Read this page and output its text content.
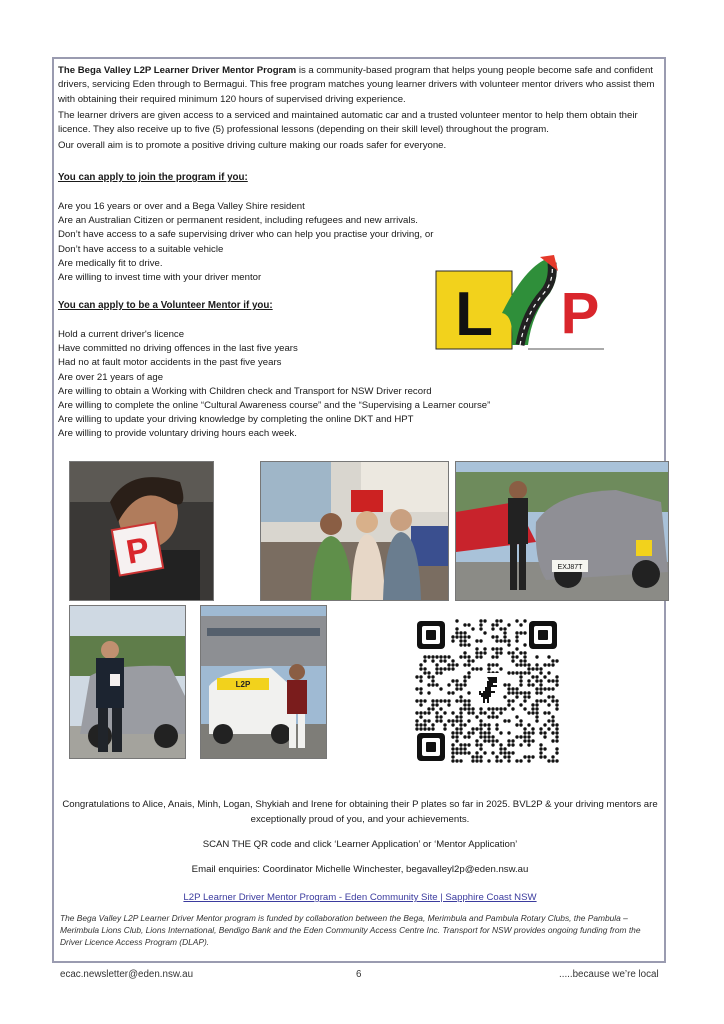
The Bega Valley L2P Learner Driver Mentor Program is a community-based program that helps young people become safe and confident drivers, servicing Eden through to Bermagui. This free program matches young learner drivers with volunteer mentor drivers who assist them with obtaining their required minimum 120 hours of supervised driving experience.

The learner drivers are given access to a serviced and maintained automatic car and a trusted volunteer mentor to help them obtain their licence. They also receive up to five (5) professional lessons (depending on their skill level) throughout the program.

Our overall aim is to promote a positive driving culture making our roads safer for everyone.

You can apply to join the program if you:
Are you 16 years or over and a Bega Valley Shire resident
Are an Australian Citizen or permanent resident, including refugees and new arrivals.
Don’t have access to a safe supervising driver who can help you practise your driving, or
Don’t have access to a suitable vehicle
Are medically fit to drive.
Are willing to invest time with your driver mentor
You can apply to be a Volunteer Mentor if you:
Hold a current driver's licence
Have committed no driving offences in the last five years
Had no at fault motor accidents in the past five years
Are over 21 years of age
Are willing to obtain a Working with Children check and Transport for NSW Driver record
Are willing to complete the online “Cultural Awareness course” and the “Supervising a Learner course”
Are willing to update your driving knowledge by completing the online DKT and HPT
Are willing to provide voluntary driving hours each week.
L P
P	EXJ87T
L2P
Congratulations to Alice, Anais, Minh, Logan, Shykiah and Irene for obtaining their P plates so far in 2025. BVL2P & your driving mentors are exceptionally proud of you, and your achievements.
SCAN THE QR code and click ‘Learner Application’ or ‘Mentor Application’
Email enquiries: Coordinator Michelle Winchester, begavalleyl2p@eden.nsw.au
L2P Learner Driver Mentor Program - Eden Community Site | Sapphire Coast NSW
The Bega Valley L2P Learner Driver Mentor program is funded by collaboration between the Bega, Merimbula and Pambula Rotary Clubs, the Pambula – Merimbula Lions Club, Lions International, Bendigo Bank and the Eden Community Access Centre Inc. Transport for NSW provides ongoing funding from the Driver Licence Access Program (DLAP).
ecac.newsletter@eden.nsw.au	6	.....because we’re local
